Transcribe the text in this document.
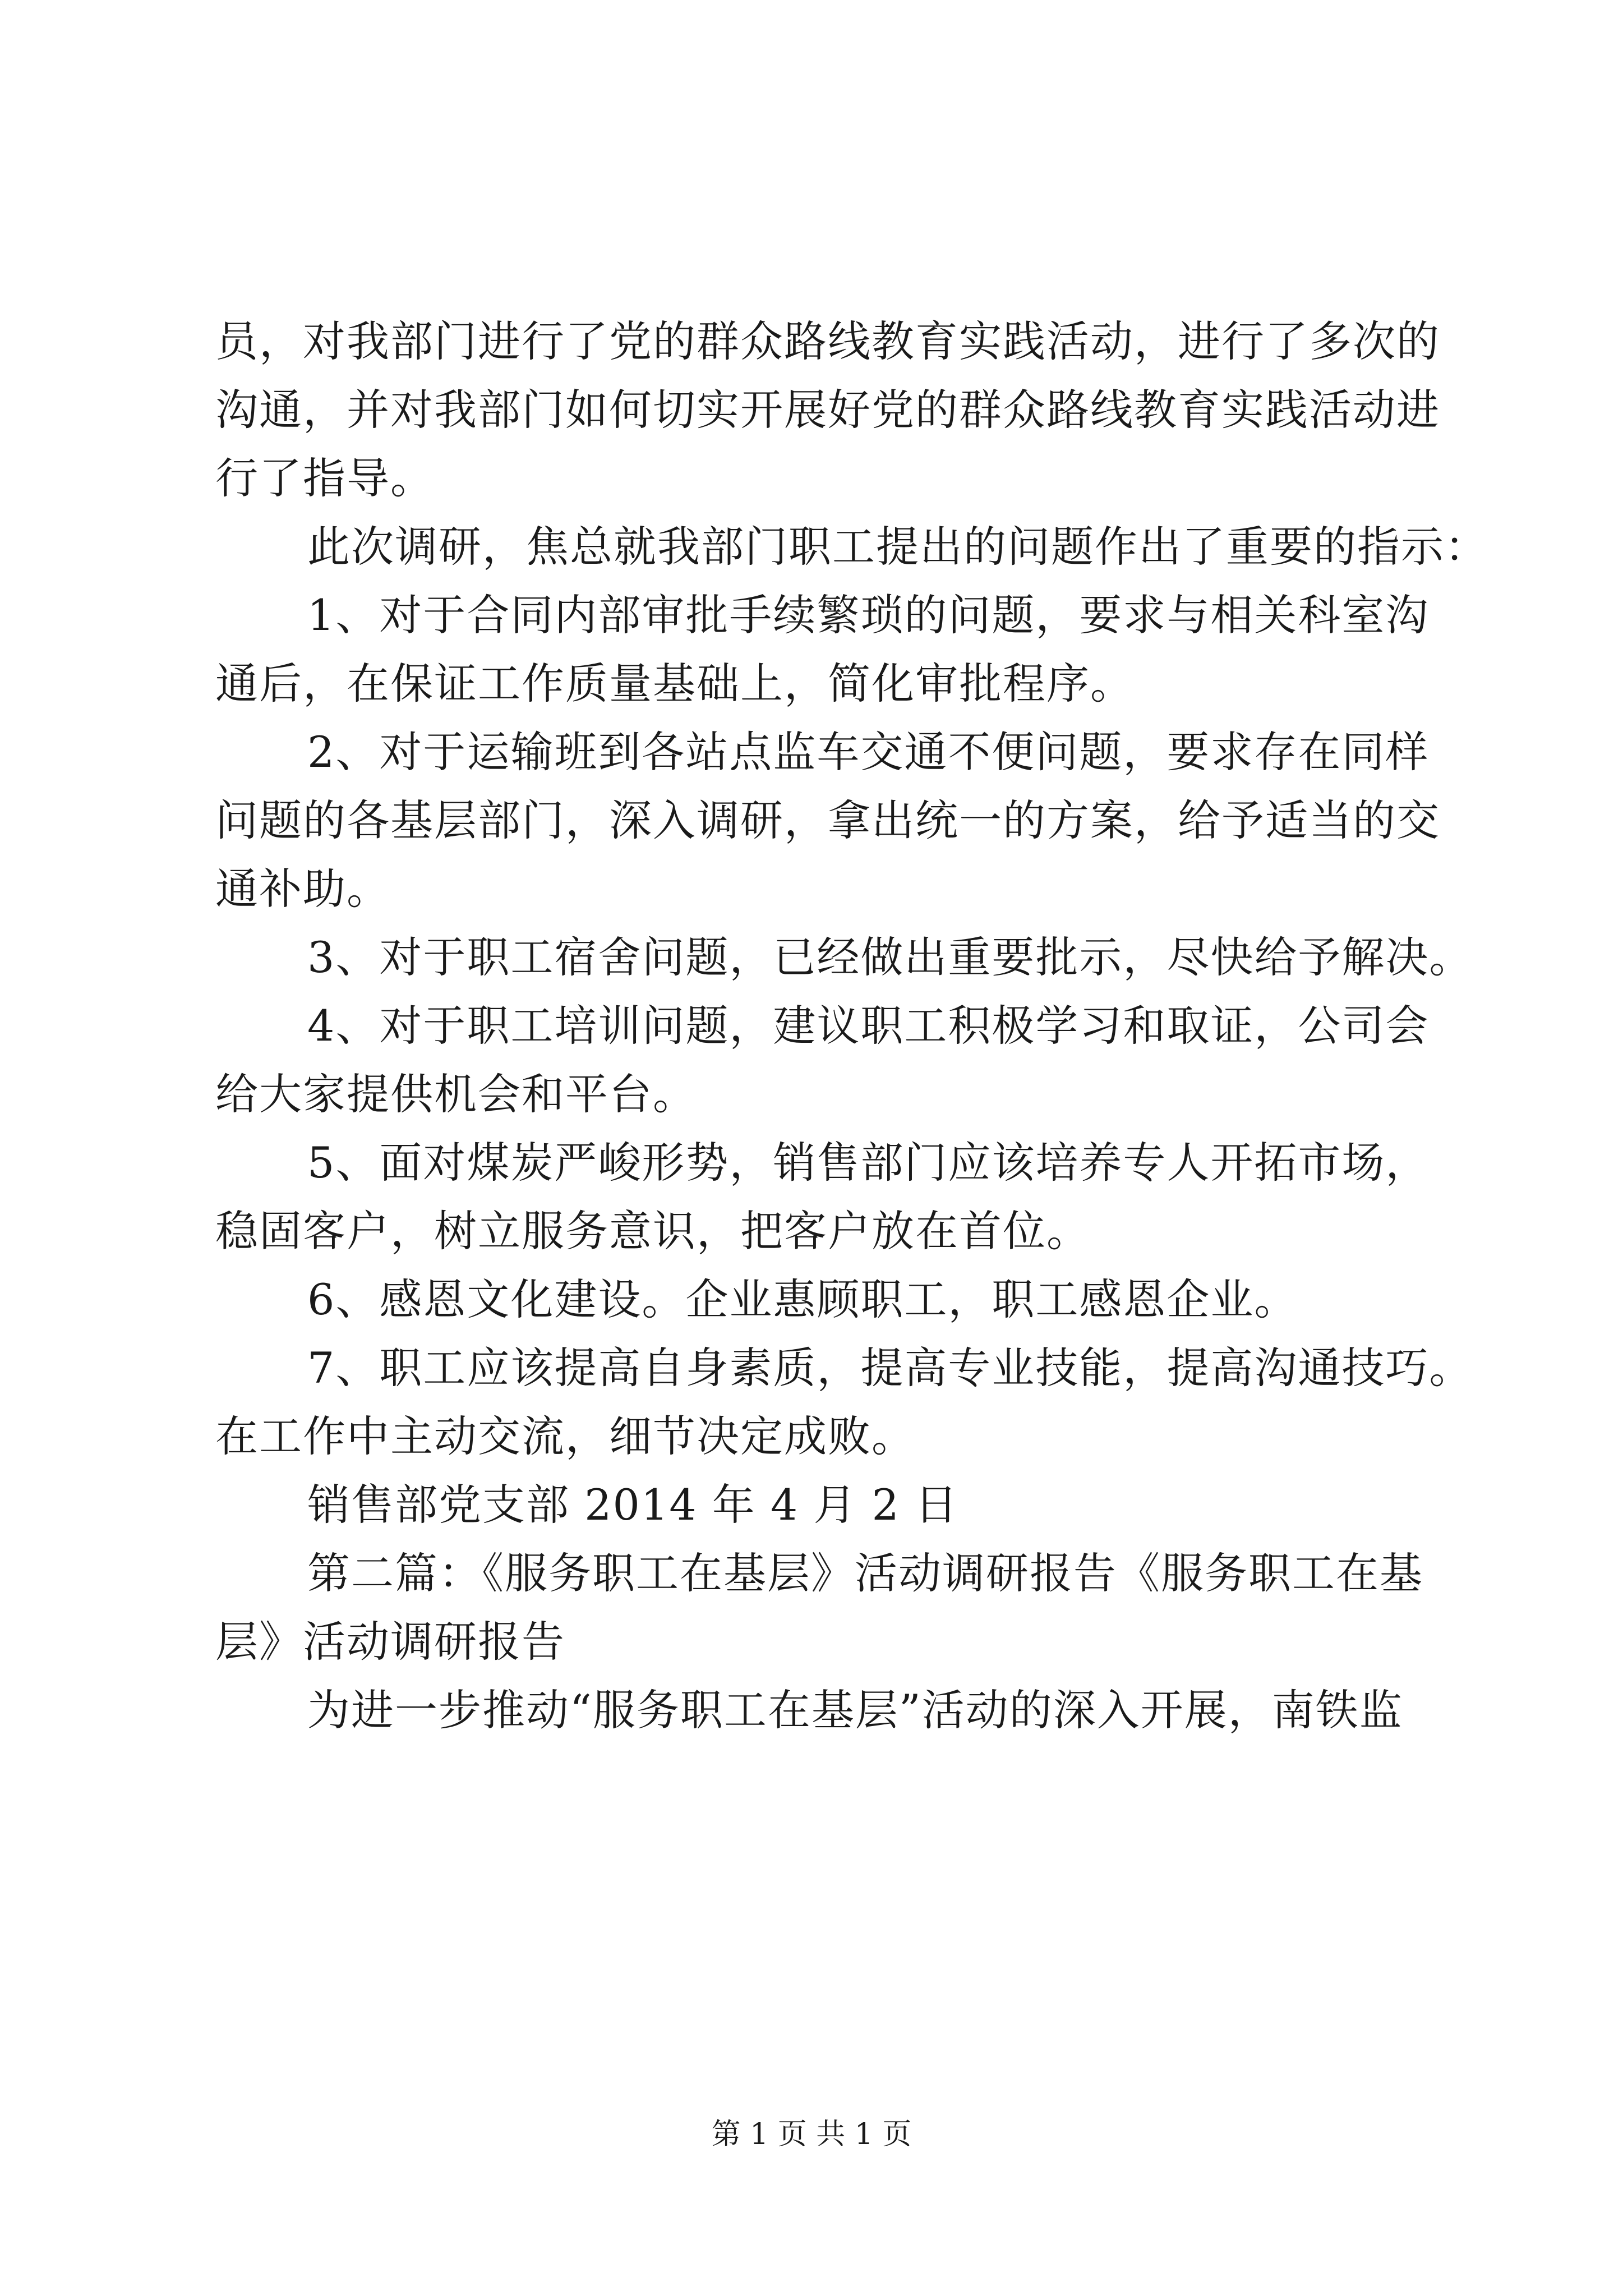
员，对我部门进行了党的群众路线教育实践活动，进行了多次的
沟通，并对我部门如何切实开展好党的群众路线教育实践活动进
行了指导。
此次调研，焦总就我部门职工提出的问题作出了重要的指示：
1、对于合同内部审批手续繁琐的问题，要求与相关科室沟
通后，在保证工作质量基础上，简化审批程序。
2、对于运输班到各站点监车交通不便问题，要求存在同样
问题的各基层部门，深入调研，拿出统一的方案，给予适当的交
通补助。
3、对于职工宿舍问题，已经做出重要批示，尽快给予解决。
4、对于职工培训问题，建议职工积极学习和取证，公司会
给大家提供机会和平台。
5、面对煤炭严峻形势，销售部门应该培养专人开拓市场，
稳固客户，树立服务意识，把客户放在首位。
6、感恩文化建设。企业惠顾职工，职工感恩企业。
7、职工应该提高自身素质，提高专业技能，提高沟通技巧。
在工作中主动交流，细节决定成败。
销售部党支部 2014 年 4 月 2 日
第二篇：《服务职工在基层》活动调研报告《服务职工在基
层》活动调研报告
为进一步推动“服务职工在基层”活动的深入开展，南铁监
第 1 页 共 1 页
